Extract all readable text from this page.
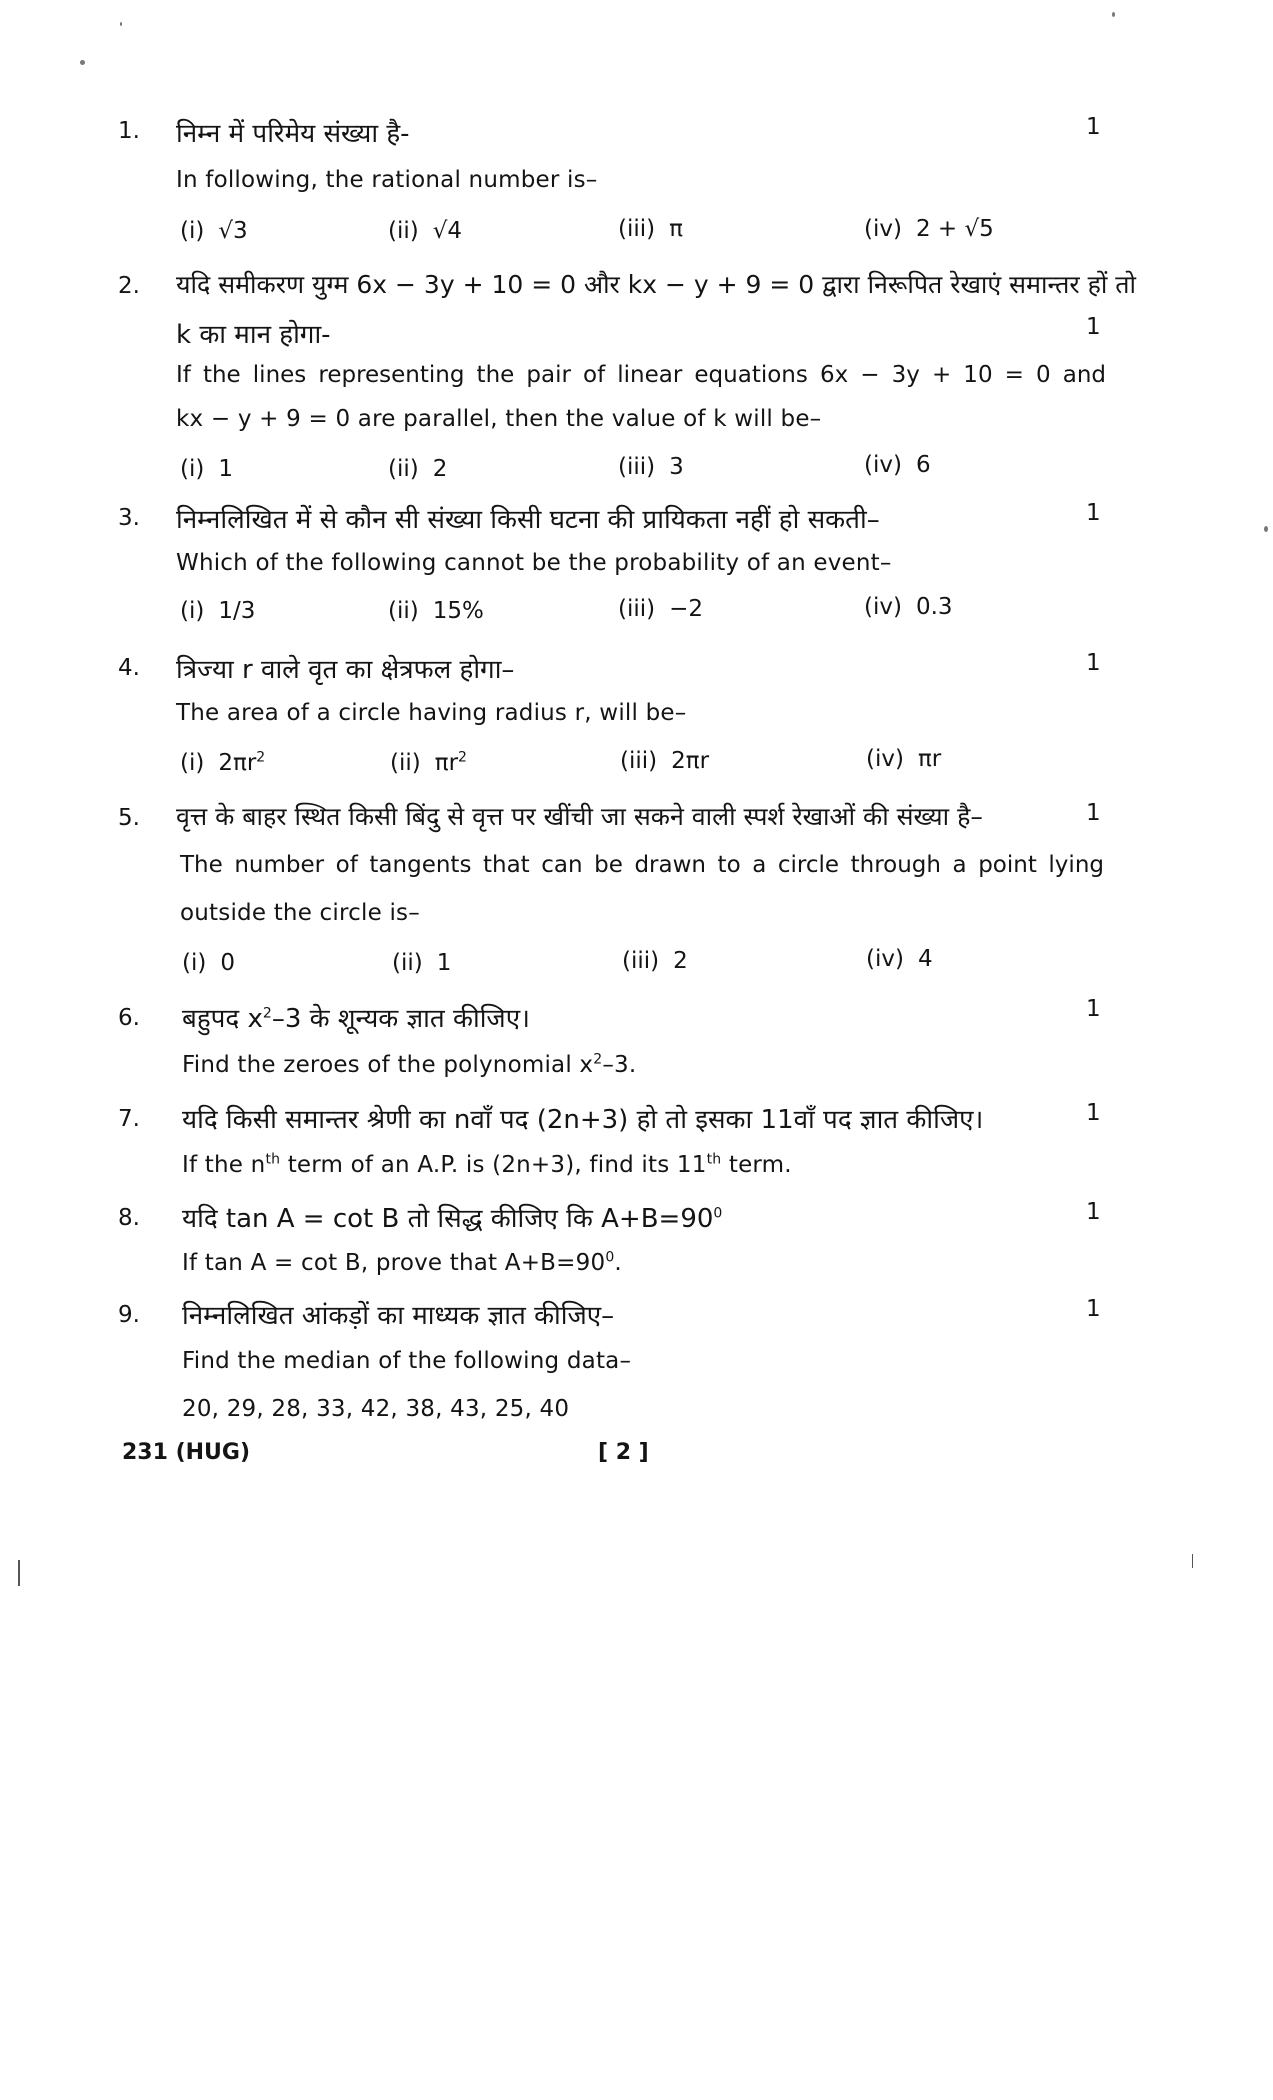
1.	निम्न में परिमेय संख्या है-	1
In following, the rational number is–
(i) √3	(ii) √4	(iii) π	(iv) 2 + √5
2.	यदि समीकरण युग्म 6x − 3y + 10 = 0 और kx − y + 9 = 0 द्वारा निरूपित रेखाएं समान्तर हों तो
k का मान होगा-	1
If the lines representing the pair of linear equations 6x − 3y + 10 = 0 and
kx − y + 9 = 0 are parallel, then the value of k will be–
(i) 1	(ii) 2	(iii) 3	(iv) 6
3.	निम्नलिखित में से कौन सी संख्या किसी घटना की प्रायिकता नहीं हो सकती–	1
Which of the following cannot be the probability of an event–
(i) 1/3	(ii) 15%	(iii) −2	(iv) 0.3
4.	त्रिज्या r वाले वृत का क्षेत्रफल होगा–	1
The area of a circle having radius r, will be–
(i) $2\pi r^2$	(ii) $\pi r^2$	(iii) 2πr	(iv) πr
5.	वृत्त के बाहर स्थित किसी बिंदु से वृत्त पर खींची जा सकने वाली स्पर्श रेखाओं की संख्या है–	1
The number of tangents that can be drawn to a circle through a point lying
outside the circle is–
(i) 0	(ii) 1	(iii) 2	(iv) 4
6.	बहुपद $x^2-3$ के शून्यक ज्ञात कीजिए।	1
Find the zeroes of the polynomial $x^2-3$.
7.	यदि किसी समान्तर श्रेणी का nवाँ पद (2n+3) हो तो इसका 11वाँ पद ज्ञात कीजिए।	1
If the $n^{th}$ term of an A.P. is (2n+3), find its 11th term.
8.	यदि tan A = cot B तो सिद्ध कीजिए कि $A+B=90^0$	1
If tan A = cot B, prove that $A+B=90^0$.
9.	निम्नलिखित आंकड़ों का माध्यक ज्ञात कीजिए–	1
Find the median of the following data–
20, 29, 28, 33, 42, 38, 43, 25, 40
231 (HUG)	[ 2 ]
